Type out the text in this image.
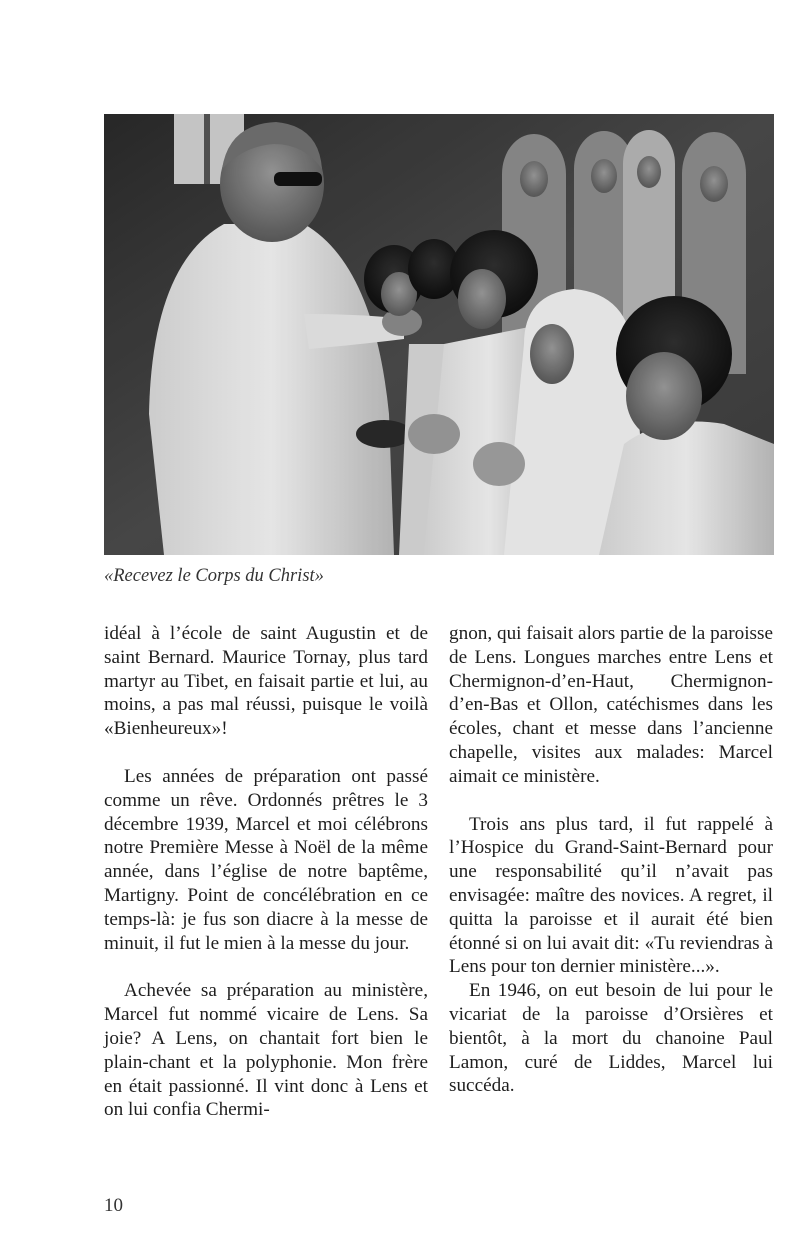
«Recevez le Corps du Christ»

idéal à l’école de saint Augustin et de saint Bernard. Maurice Tornay, plus tard martyr au Tibet, en faisait partie et lui, au moins, a pas mal réussi, puisque le voilà «Bienheureux»!

Les années de préparation ont passé comme un rêve. Ordonnés prêtres le 3 décembre 1939, Marcel et moi célébrons notre Première Messe à Noël de la même année, dans l’église de notre baptême, Martigny. Point de concélébration en ce temps-là: je fus son diacre à la messe de minuit, il fut le mien à la messe du jour.

Achevée sa préparation au ministère, Marcel fut nommé vicaire de Lens. Sa joie? A Lens, on chantait fort bien le plain-chant et la polyphonie. Mon frère en était passionné. Il vint donc à Lens et on lui confia Chermi-

gnon, qui faisait alors partie de la paroisse de Lens. Longues marches entre Lens et Chermignon-d’en-Haut, Chermignon-d’en-Bas et Ollon, catéchismes dans les écoles, chant et messe dans l’ancienne chapelle, visites aux malades: Marcel aimait ce ministère.

Trois ans plus tard, il fut rappelé à l’Hospice du Grand-Saint-Bernard pour une responsabilité qu’il n’avait pas envisagée: maître des novices. A regret, il quitta la paroisse et il aurait été bien étonné si on lui avait dit: «Tu reviendras à Lens pour ton dernier ministère...».

En 1946, on eut besoin de lui pour le vicariat de la paroisse d’Orsières et bientôt, à la mort du chanoine Paul Lamon, curé de Liddes, Marcel lui succéda.

10
